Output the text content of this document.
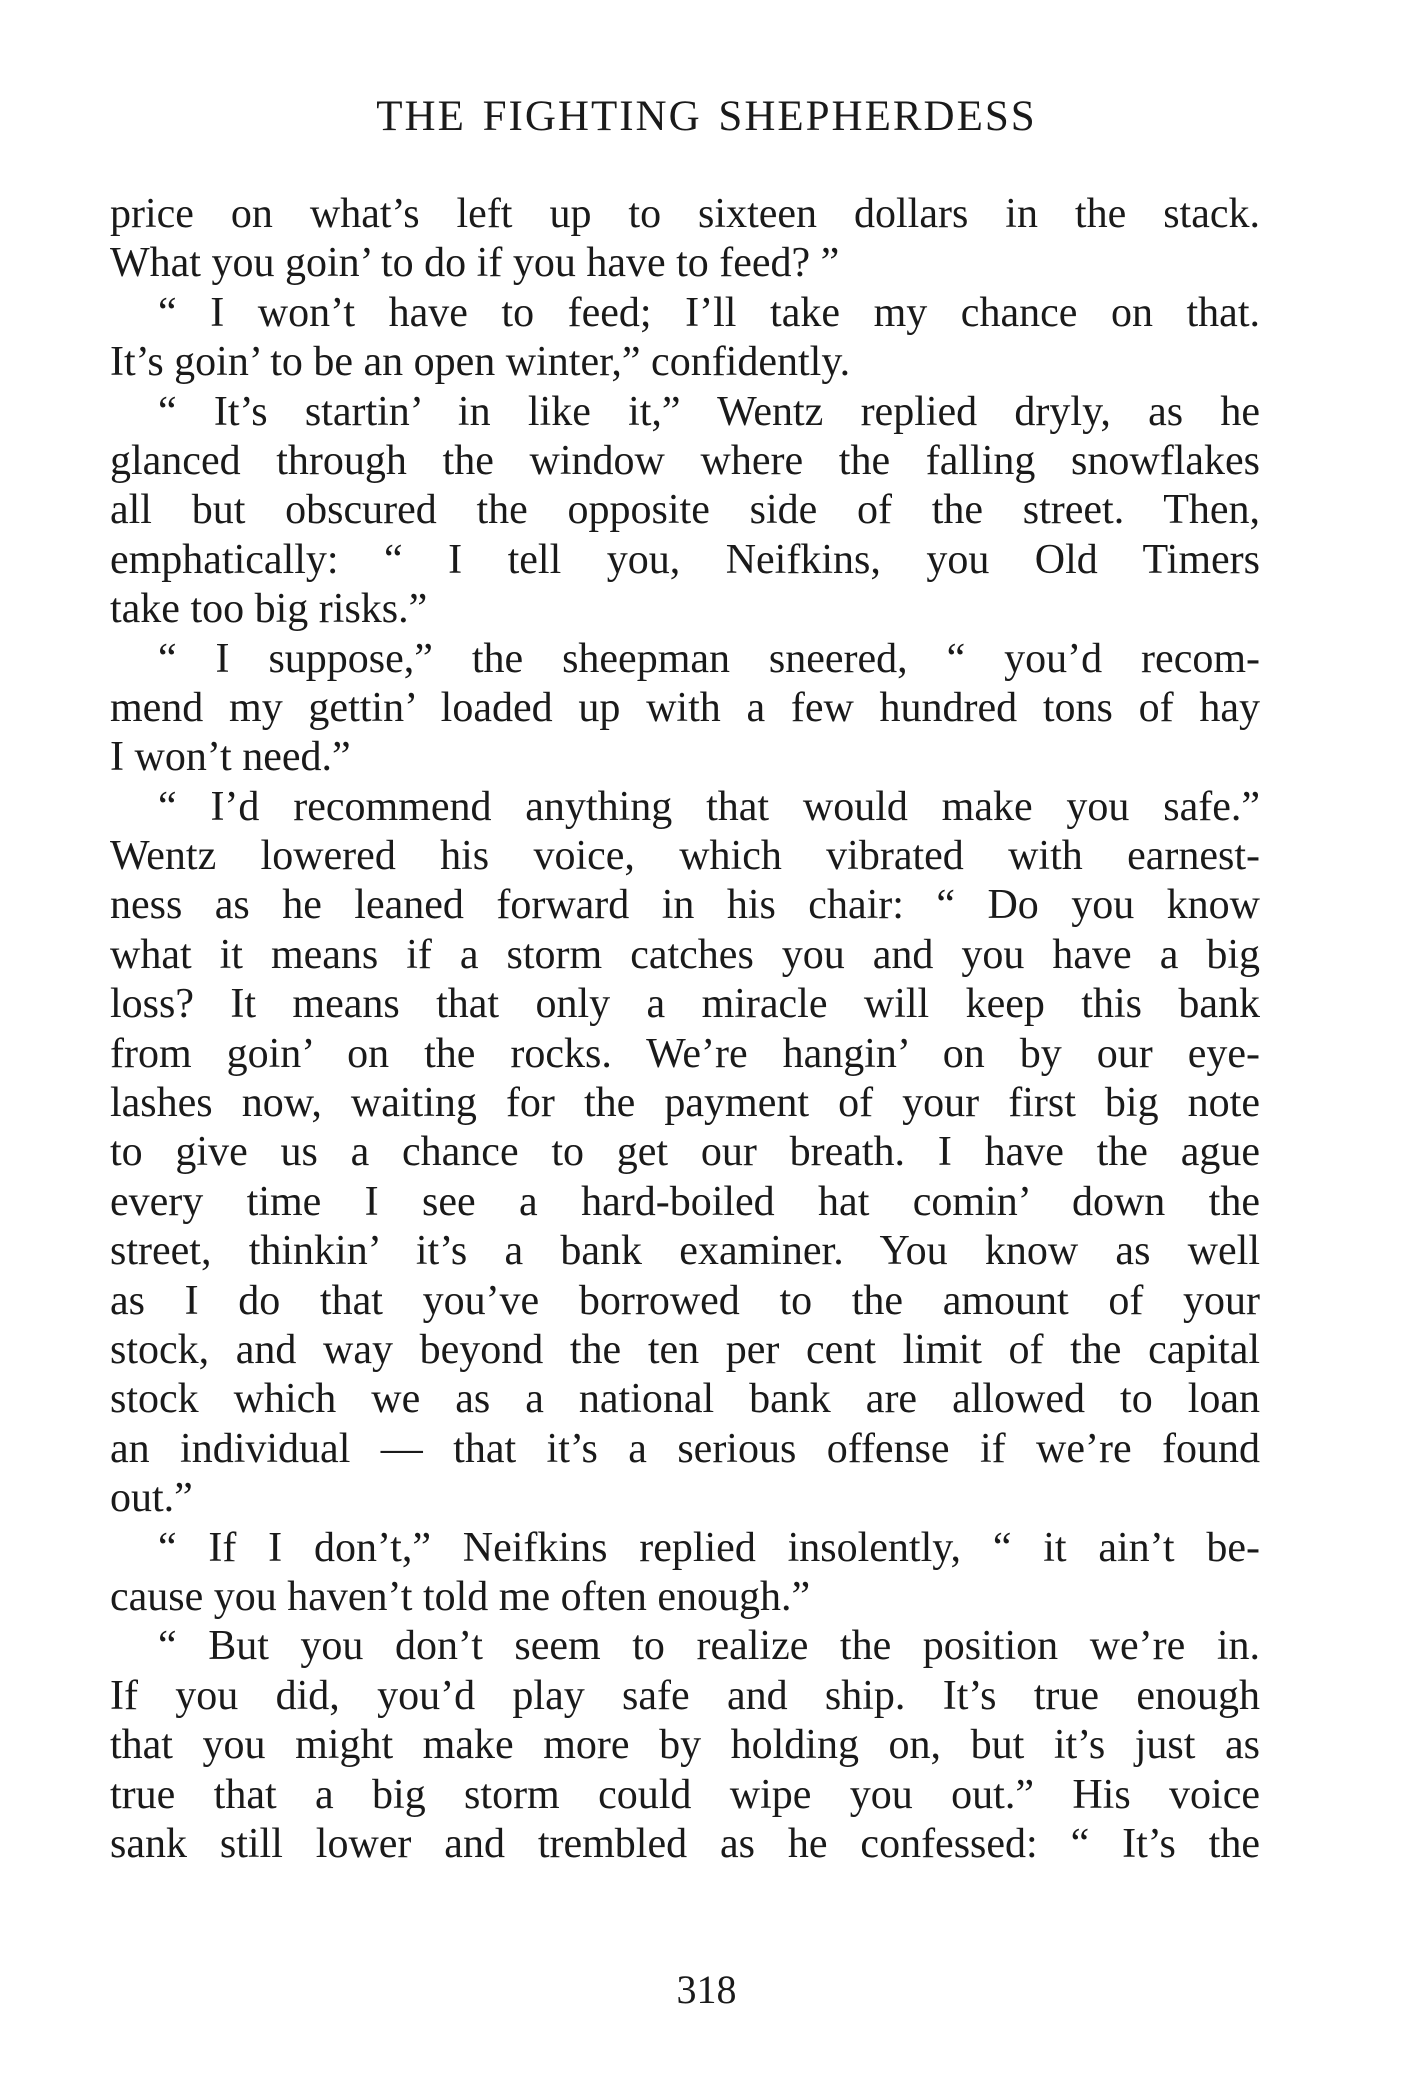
THE FIGHTING SHEPHERDESS
price on what’s left up to sixteen dollars in the stack.
What you goin’ to do if you have to feed? ”
“ I won’t have to feed; I’ll take my chance on that.
It’s goin’ to be an open winter,” confidently.
“ It’s startin’ in like it,” Wentz replied dryly, as he
glanced through the window where the falling snowflakes
all but obscured the opposite side of the street. Then,
emphatically: “ I tell you, Neifkins, you Old Timers
take too big risks.”
“ I suppose,” the sheepman sneered, “ you’d recom-
mend my gettin’ loaded up with a few hundred tons of hay
I won’t need.”
“ I’d recommend anything that would make you safe.”
Wentz lowered his voice, which vibrated with earnest-
ness as he leaned forward in his chair: “ Do you know
what it means if a storm catches you and you have a big
loss? It means that only a miracle will keep this bank
from goin’ on the rocks. We’re hangin’ on by our eye-
lashes now, waiting for the payment of your first big note
to give us a chance to get our breath. I have the ague
every time I see a hard-boiled hat comin’ down the
street, thinkin’ it’s a bank examiner. You know as well
as I do that you’ve borrowed to the amount of your
stock, and way beyond the ten per cent limit of the capital
stock which we as a national bank are allowed to loan
an individual — that it’s a serious offense if we’re found
out.”
“ If I don’t,” Neifkins replied insolently, “ it ain’t be-
cause you haven’t told me often enough.”
“ But you don’t seem to realize the position we’re in.
If you did, you’d play safe and ship. It’s true enough
that you might make more by holding on, but it’s just as
true that a big storm could wipe you out.” His voice
sank still lower and trembled as he confessed: “ It’s the
318
